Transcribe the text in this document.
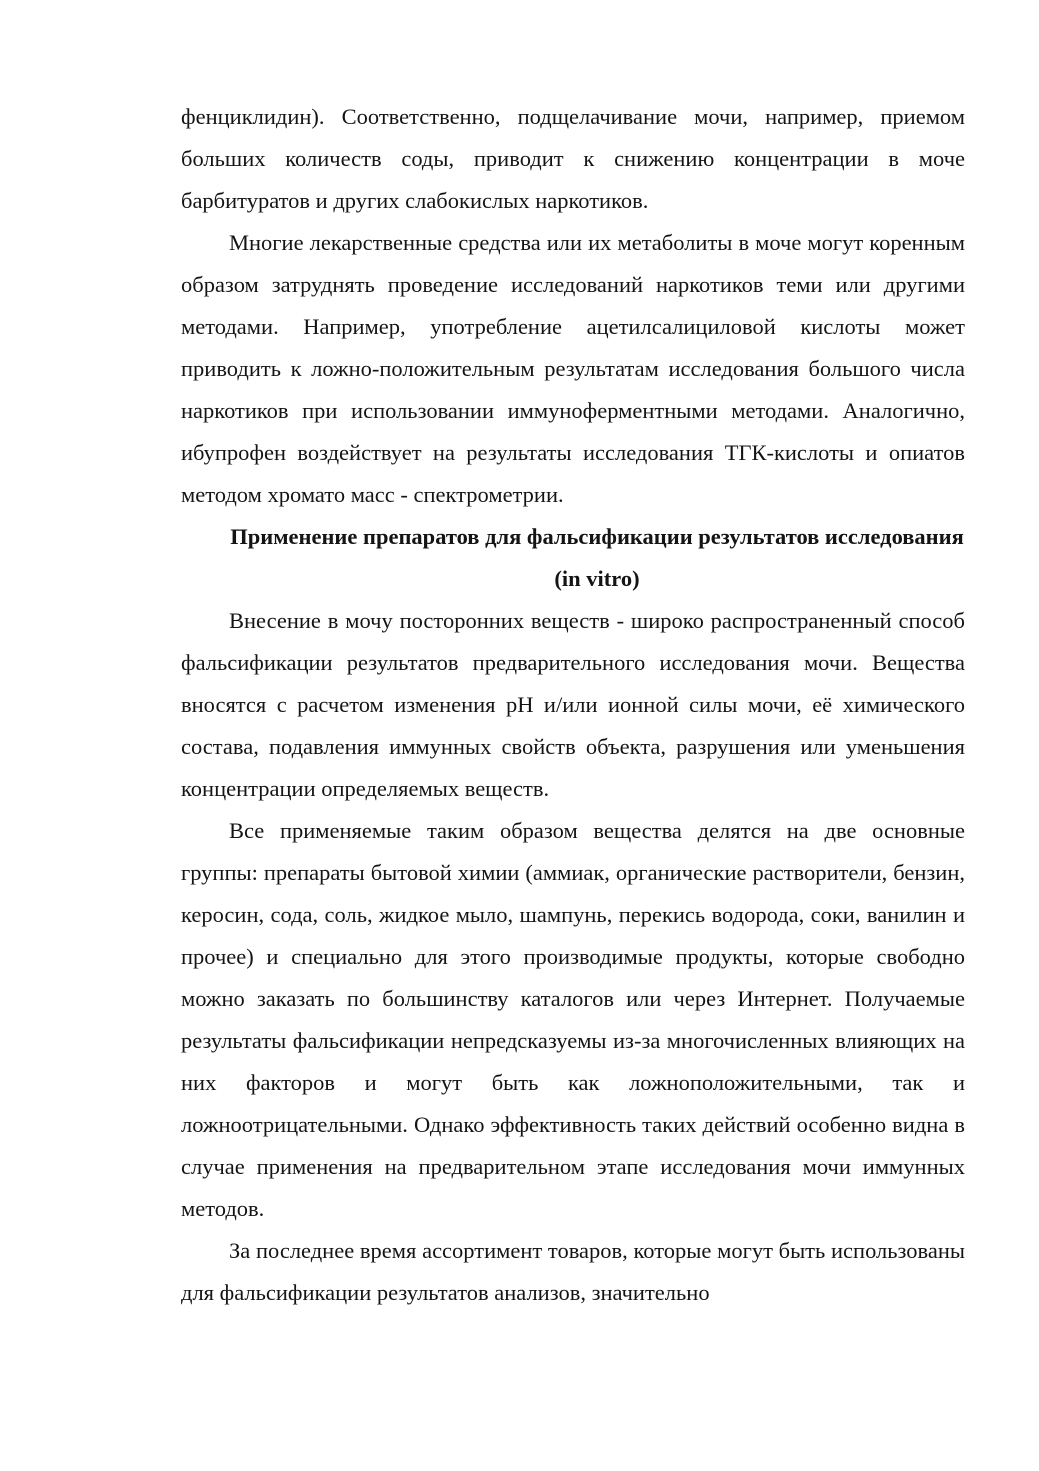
фенциклидин). Соответственно, подщелачивание мочи, например, приемом больших количеств соды, приводит к снижению концентрации в моче барбитуратов и других слабокислых наркотиков.

Многие лекарственные средства или их метаболиты в моче могут коренным образом затруднять проведение исследований наркотиков теми или другими методами. Например, употребление ацетилсалициловой кислоты может приводить к ложно-положительным результатам исследования большого числа наркотиков при использовании иммуноферментными методами. Аналогично, ибупрофен воздействует на результаты исследования ТГК-кислоты и опиатов методом хромато масс - спектрометрии.

Применение препаратов для фальсификации результатов исследования (in vitro)

Внесение в мочу посторонних веществ - широко распространенный способ фальсификации результатов предварительного исследования мочи. Вещества вносятся с расчетом изменения pH и/или ионной силы мочи, её химического состава, подавления иммунных свойств объекта, разрушения или уменьшения концентрации определяемых веществ.

Все применяемые таким образом вещества делятся на две основные группы: препараты бытовой химии (аммиак, органические растворители, бензин, керосин, сода, соль, жидкое мыло, шампунь, перекись водорода, соки, ванилин и прочее) и специально для этого производимые продукты, которые свободно можно заказать по большинству каталогов или через Интернет. Получаемые результаты фальсификации непредсказуемы из-за многочисленных влияющих на них факторов и могут быть как ложноположительными, так и ложноотрицательными. Однако эффективность таких действий особенно видна в случае применения на предварительном этапе исследования мочи иммунных методов.

За последнее время ассортимент товаров, которые могут быть использованы для фальсификации результатов анализов, значительно
